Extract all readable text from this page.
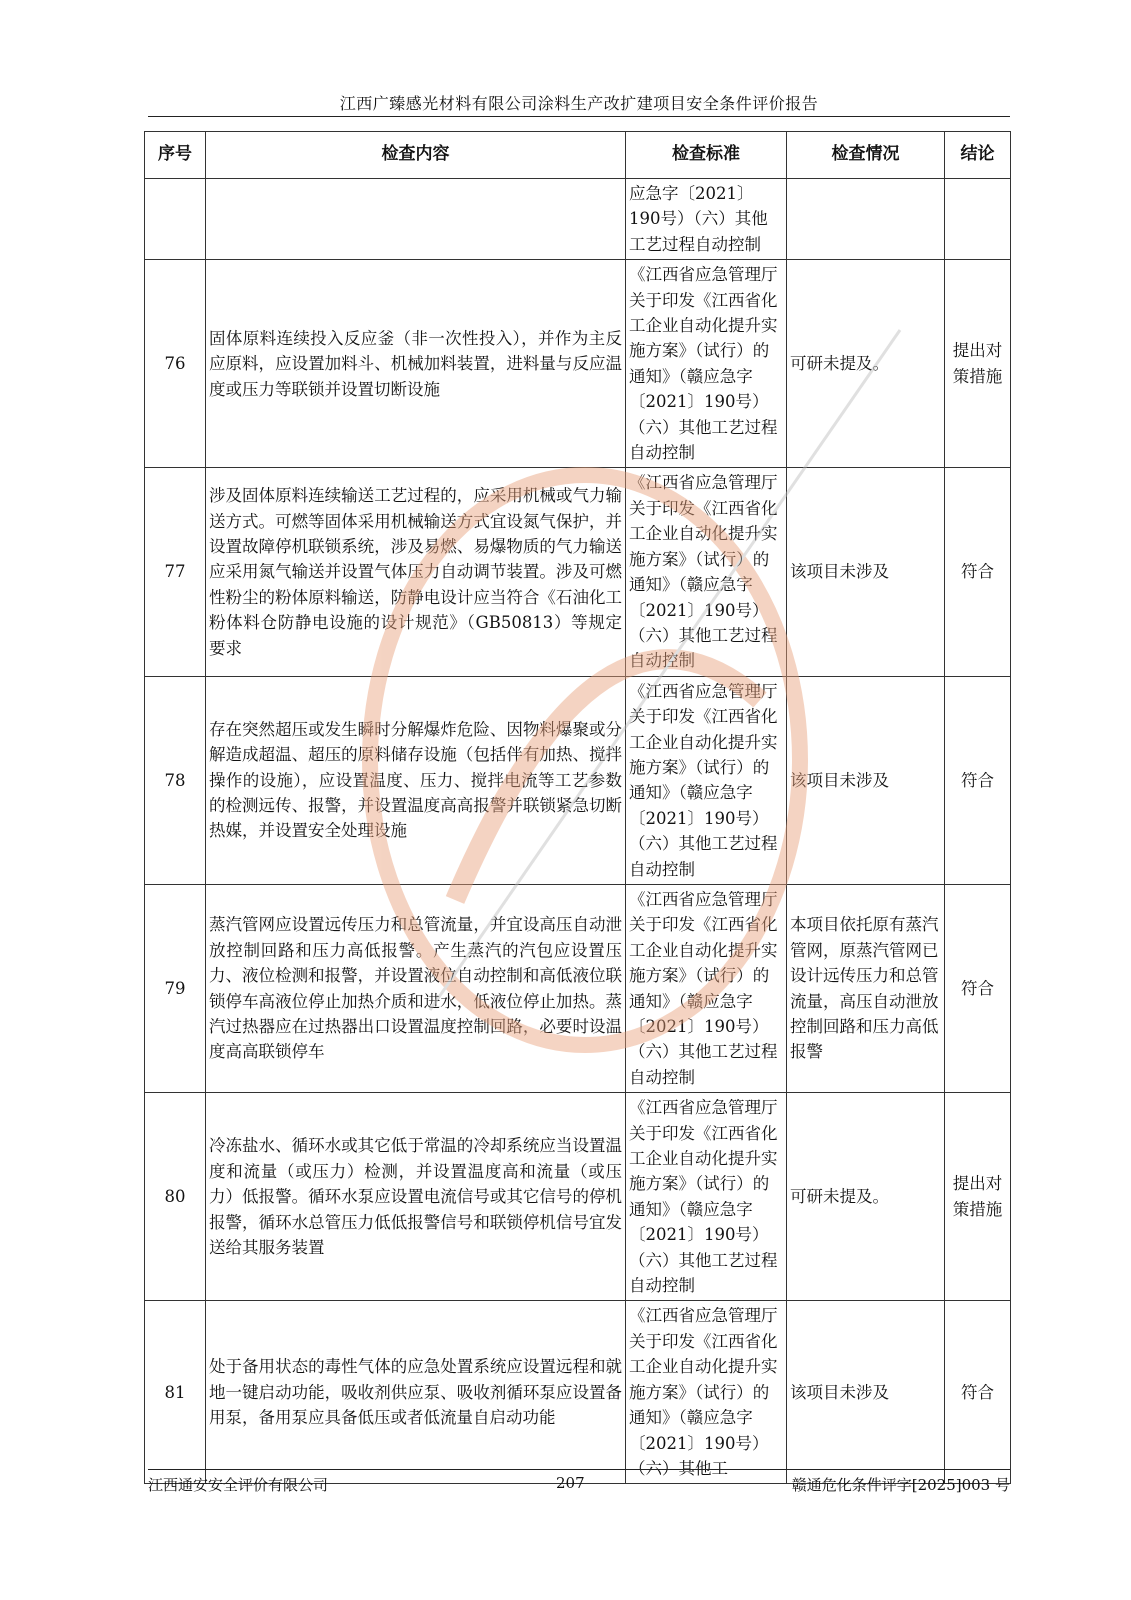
江西广臻感光材料有限公司涂料生产改扩建项目安全条件评价报告
序号	检查内容	检查标准	检查情况	结论
		应急字〔2021〕190号）（六）其他工艺过程自动控制		
76	固体原料连续投入反应釜（非一次性投入），并作为主反应原料，应设置加料斗、机械加料装置，进料量与反应温度或压力等联锁并设置切断设施	《江西省应急管理厅关于印发《江西省化工企业自动化提升实施方案》（试行）的通知》（赣应急字〔2021〕190号）（六）其他工艺过程自动控制	可研未提及。	提出对策措施
77	涉及固体原料连续输送工艺过程的，应采用机械或气力输送方式。可燃等固体采用机械输送方式宜设氮气保护，并设置故障停机联锁系统，涉及易燃、易爆物质的气力输送应采用氮气输送并设置气体压力自动调节装置。涉及可燃性粉尘的粉体原料输送，防静电设计应当符合《石油化工粉体料仓防静电设施的设计规范》（GB50813）等规定要求	《江西省应急管理厅关于印发《江西省化工企业自动化提升实施方案》（试行）的通知》（赣应急字〔2021〕190号）（六）其他工艺过程自动控制	该项目未涉及	符合
78	存在突然超压或发生瞬时分解爆炸危险、因物料爆聚或分解造成超温、超压的原料储存设施（包括伴有加热、搅拌操作的设施），应设置温度、压力、搅拌电流等工艺参数的检测远传、报警，并设置温度高高报警并联锁紧急切断热媒，并设置安全处理设施	《江西省应急管理厅关于印发《江西省化工企业自动化提升实施方案》（试行）的通知》（赣应急字〔2021〕190号）（六）其他工艺过程自动控制	该项目未涉及	符合
79	蒸汽管网应设置远传压力和总管流量，并宜设高压自动泄放控制回路和压力高低报警。产生蒸汽的汽包应设置压力、液位检测和报警，并设置液位自动控制和高低液位联锁停车高液位停止加热介质和进水，低液位停止加热。蒸汽过热器应在过热器出口设置温度控制回路，必要时设温度高高联锁停车	《江西省应急管理厅关于印发《江西省化工企业自动化提升实施方案》（试行）的通知》（赣应急字〔2021〕190号）（六）其他工艺过程自动控制	本项目依托原有蒸汽管网，原蒸汽管网已设计远传压力和总管流量，高压自动泄放控制回路和压力高低报警	符合
80	冷冻盐水、循环水或其它低于常温的冷却系统应当设置温度和流量（或压力）检测，并设置温度高和流量（或压力）低报警。循环水泵应设置电流信号或其它信号的停机报警，循环水总管压力低低报警信号和联锁停机信号宜发送给其服务装置	《江西省应急管理厅关于印发《江西省化工企业自动化提升实施方案》（试行）的通知》（赣应急字〔2021〕190号）（六）其他工艺过程自动控制	可研未提及。	提出对策措施
81	处于备用状态的毒性气体的应急处置系统应设置远程和就地一键启动功能，吸收剂供应泵、吸收剂循环泵应设置备用泵，备用泵应具备低压或者低流量自启动功能	《江西省应急管理厅关于印发《江西省化工企业自动化提升实施方案》（试行）的通知》（赣应急字〔2021〕190号）（六）其他工	该项目未涉及	符合
江西通安安全评价有限公司	207	赣通危化条件评字[2025]003 号
